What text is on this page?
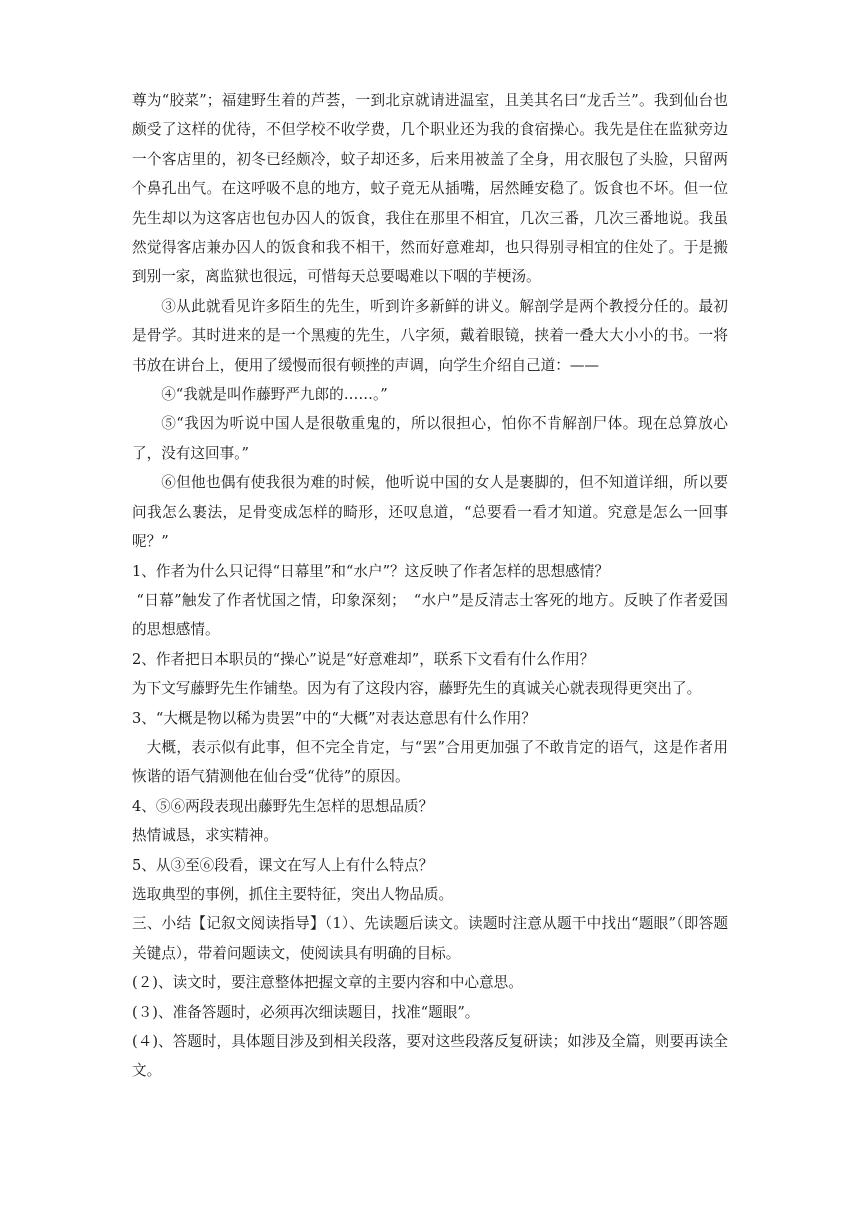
尊为“胶菜”；福建野生着的芦荟，一到北京就请进温室，且美其名曰“龙舌兰”。我到仙台也颇受了这样的优待，不但学校不收学费，几个职业还为我的食宿操心。我先是住在监狱旁边一个客店里的，初冬已经颇冷，蚊子却还多，后来用被盖了全身，用衣服包了头脸，只留两个鼻孔出气。在这呼吸不息的地方，蚊子竟无从插嘴，居然睡安稳了。饭食也不坏。但一位先生却以为这客店也包办囚人的饭食，我住在那里不相宜，几次三番，几次三番地说。我虽然觉得客店兼办囚人的饭食和我不相干，然而好意难却，也只得别寻相宜的住处了。于是搬到别一家，离监狱也很远，可惜每天总要喝难以下咽的芋梗汤。

③从此就看见许多陌生的先生，听到许多新鲜的讲义。解剖学是两个教授分任的。最初是骨学。其时进来的是一个黑瘦的先生，八字须，戴着眼镜，挟着一叠大大小小的书。一将书放在讲台上，便用了缓慢而很有顿挫的声调，向学生介绍自己道：——

④“我就是叫作藤野严九郎的……。”

⑤“我因为听说中国人是很敬重鬼的，所以很担心，怕你不肯解剖尸体。现在总算放心了，没有这回事。”

⑥但他也偶有使我很为难的时候，他听说中国的女人是裹脚的，但不知道详细，所以要问我怎么裹法，足骨变成怎样的畸形，还叹息道，“总要看一看才知道。究意是怎么一回事呢？”

1、作者为什么只记得“日幕里”和“水户”？这反映了作者怎样的思想感情？

“日幕”触发了作者忧国之情，印象深刻；　“水户”是反清志士客死的地方。反映了作者爱国的思想感情。

2、作者把日本职员的“操心”说是“好意难却”，联系下文看有什么作用？

为下文写藤野先生作铺垫。因为有了这段内容，藤野先生的真诚关心就表现得更突出了。

3、“大概是物以稀为贵罢”中的“大概”对表达意思有什么作用？

大概，表示似有此事，但不完全肯定，与“罢”合用更加强了不敢肯定的语气，这是作者用恢谐的语气猜测他在仙台受“优待”的原因。

4、⑤⑥两段表现出藤野先生怎样的思想品质？

热情诚恳，求实精神。

5、从③至⑥段看，课文在写人上有什么特点？

选取典型的事例，抓住主要特征，突出人物品质。

三、小结【记叙文阅读指导】（1）、先读题后读文。读题时注意从题干中找出“题眼”（即答题关键点），带着问题读文，使阅读具有明确的目标。

(２)、读文时，要注意整体把握文章的主要内容和中心意思。

(３)、准备答题时，必须再次细读题目，找准“题眼”。

(４)、答题时，具体题目涉及到相关段落，要对这些段落反复研读；如涉及全篇，则要再读全文。
